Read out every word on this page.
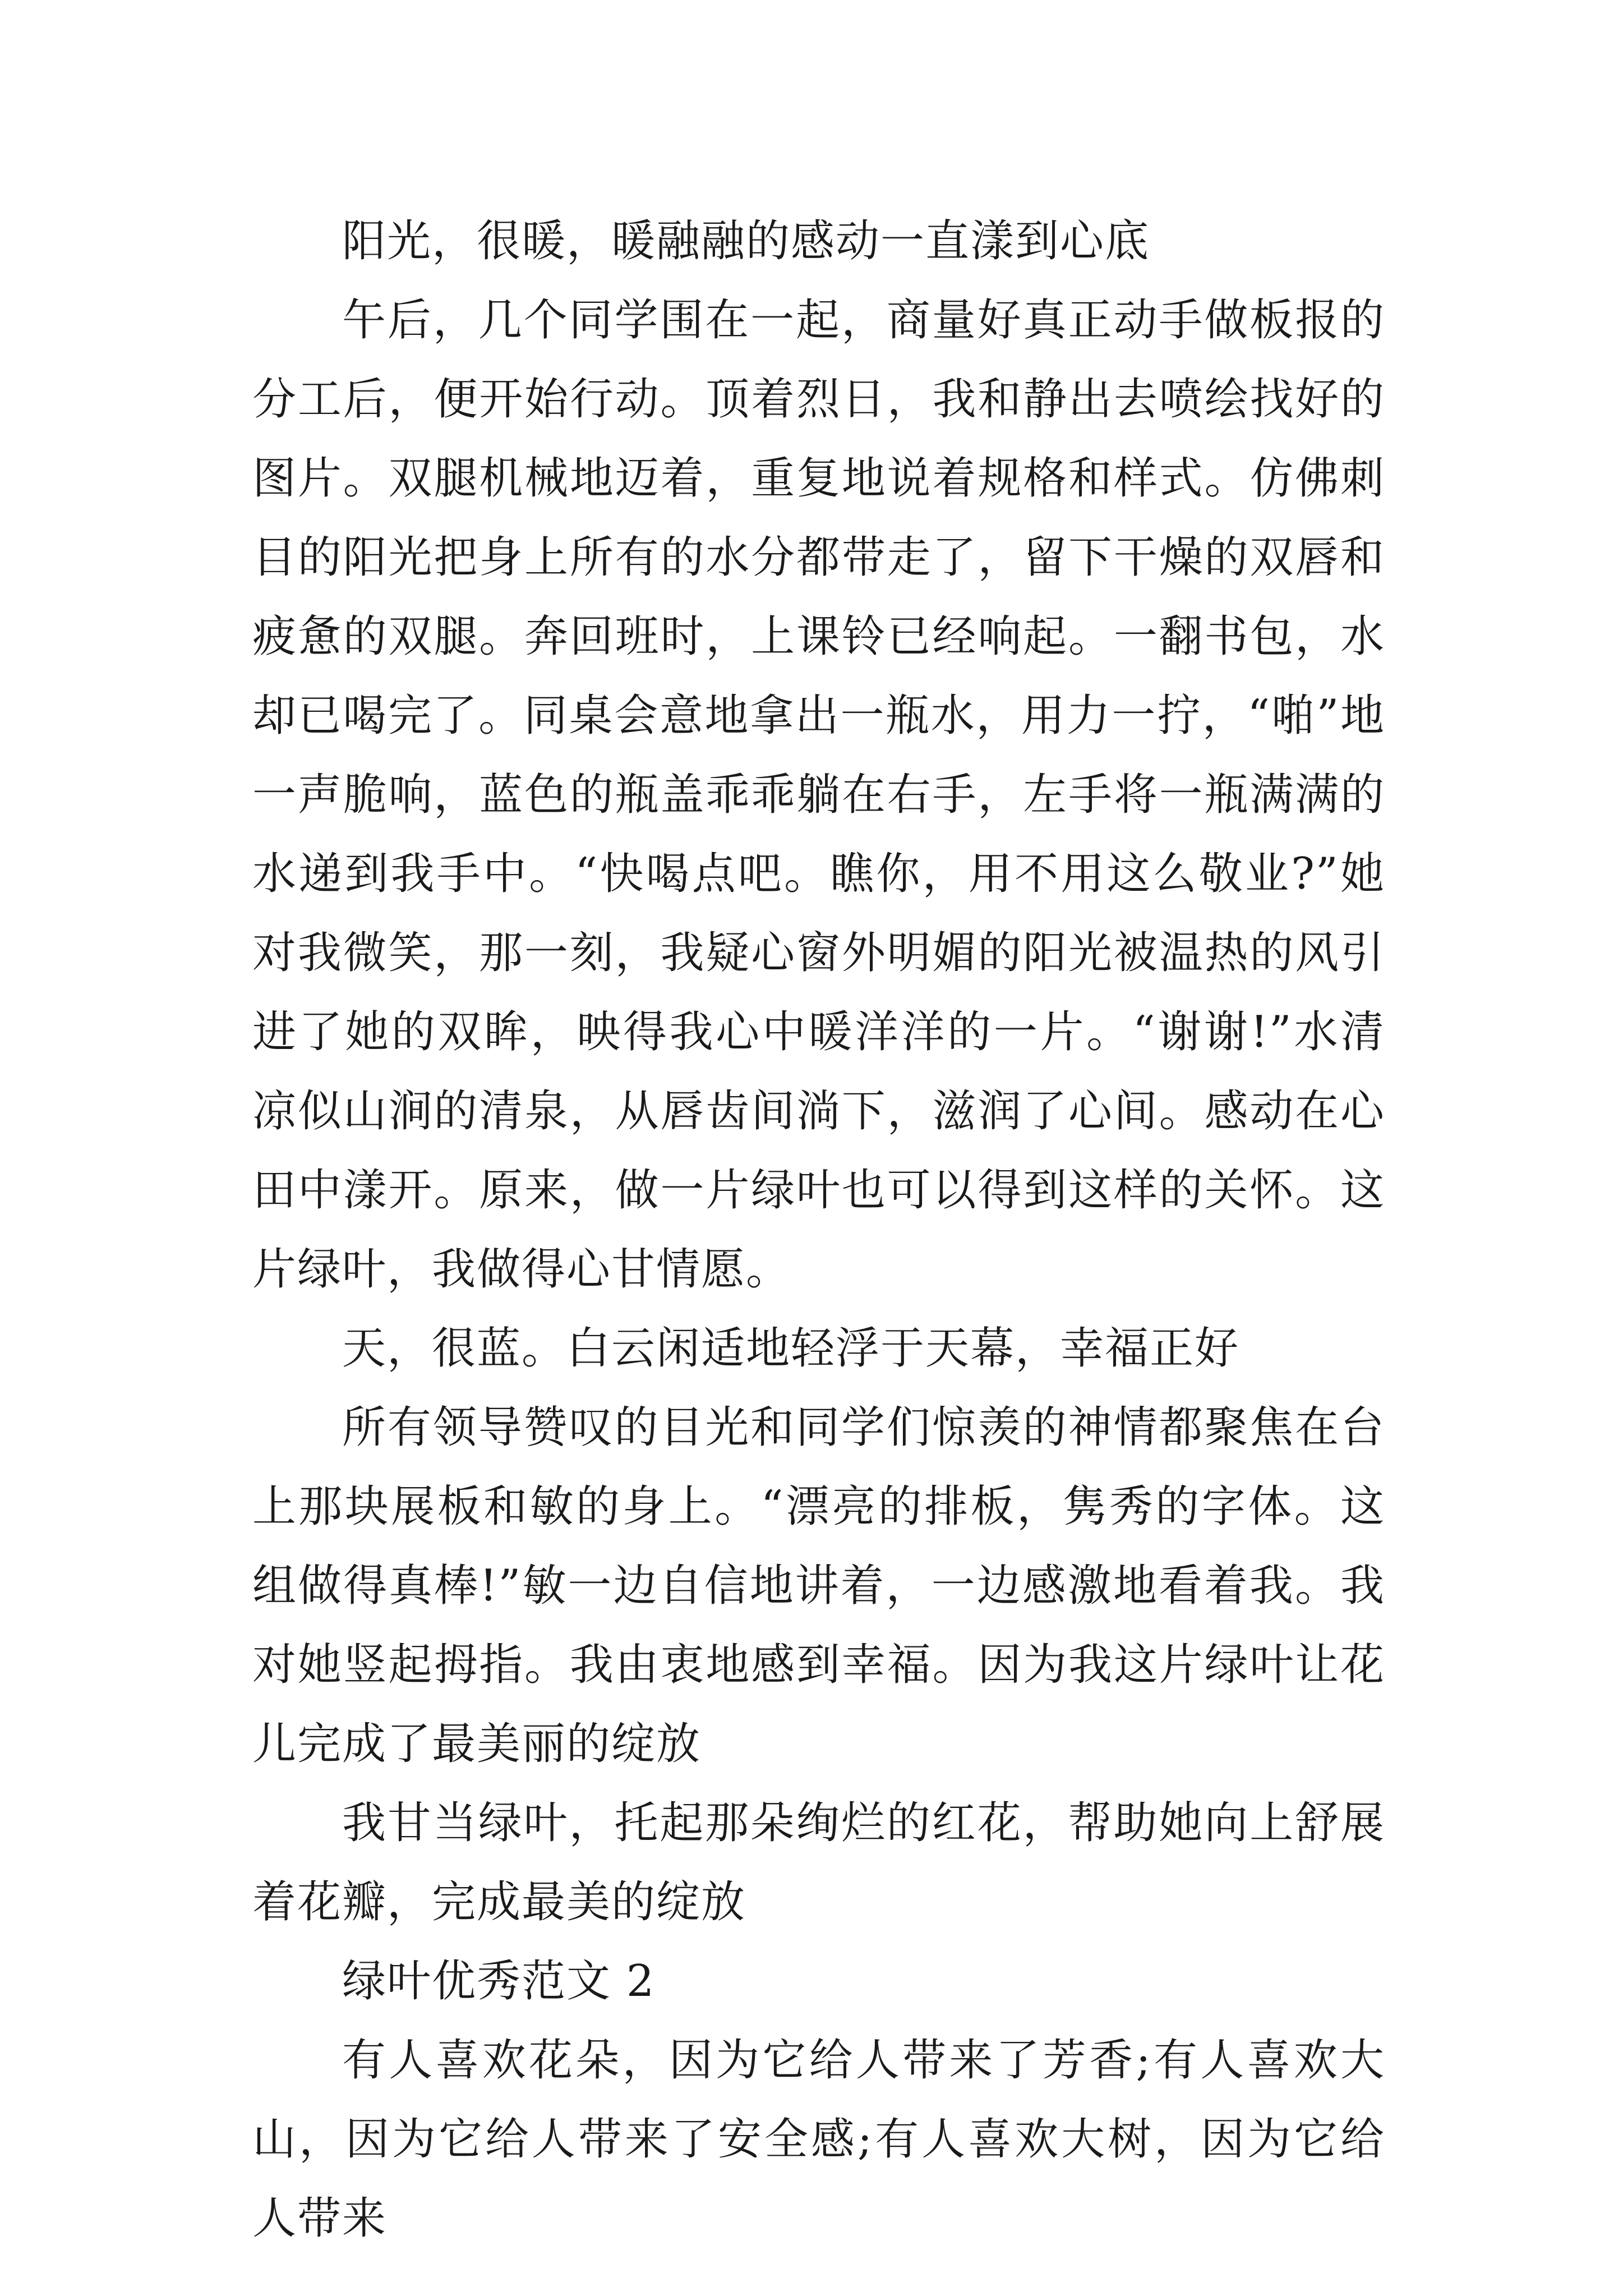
阳光，很暖，暖融融的感动一直漾到心底

午后，几个同学围在一起，商量好真正动手做板报的分工后，便开始行动。顶着烈日，我和静出去喷绘找好的图片。双腿机械地迈着，重复地说着规格和样式。仿佛刺目的阳光把身上所有的水分都带走了，留下干燥的双唇和疲惫的双腿。奔回班时，上课铃已经响起。一翻书包，水却已喝完了。同桌会意地拿出一瓶水，用力一拧，“啪”地一声脆响，蓝色的瓶盖乖乖躺在右手，左手将一瓶满满的水递到我手中。“快喝点吧。瞧你，用不用这么敬业?”她对我微笑，那一刻，我疑心窗外明媚的阳光被温热的风引进了她的双眸，映得我心中暖洋洋的一片。“谢谢!”水清凉似山涧的清泉，从唇齿间淌下，滋润了心间。感动在心田中漾开。原来，做一片绿叶也可以得到这样的关怀。这片绿叶，我做得心甘情愿。

天，很蓝。白云闲适地轻浮于天幕，幸福正好

所有领导赞叹的目光和同学们惊羡的神情都聚焦在台上那块展板和敏的身上。“漂亮的排板，隽秀的字体。这组做得真棒!”敏一边自信地讲着，一边感激地看着我。我对她竖起拇指。我由衷地感到幸福。因为我这片绿叶让花儿完成了最美丽的绽放

我甘当绿叶，托起那朵绚烂的红花，帮助她向上舒展着花瓣，完成最美的绽放

绿叶优秀范文 2

有人喜欢花朵，因为它给人带来了芳香;有人喜欢大山，因为它给人带来了安全感;有人喜欢大树，因为它给人带来
